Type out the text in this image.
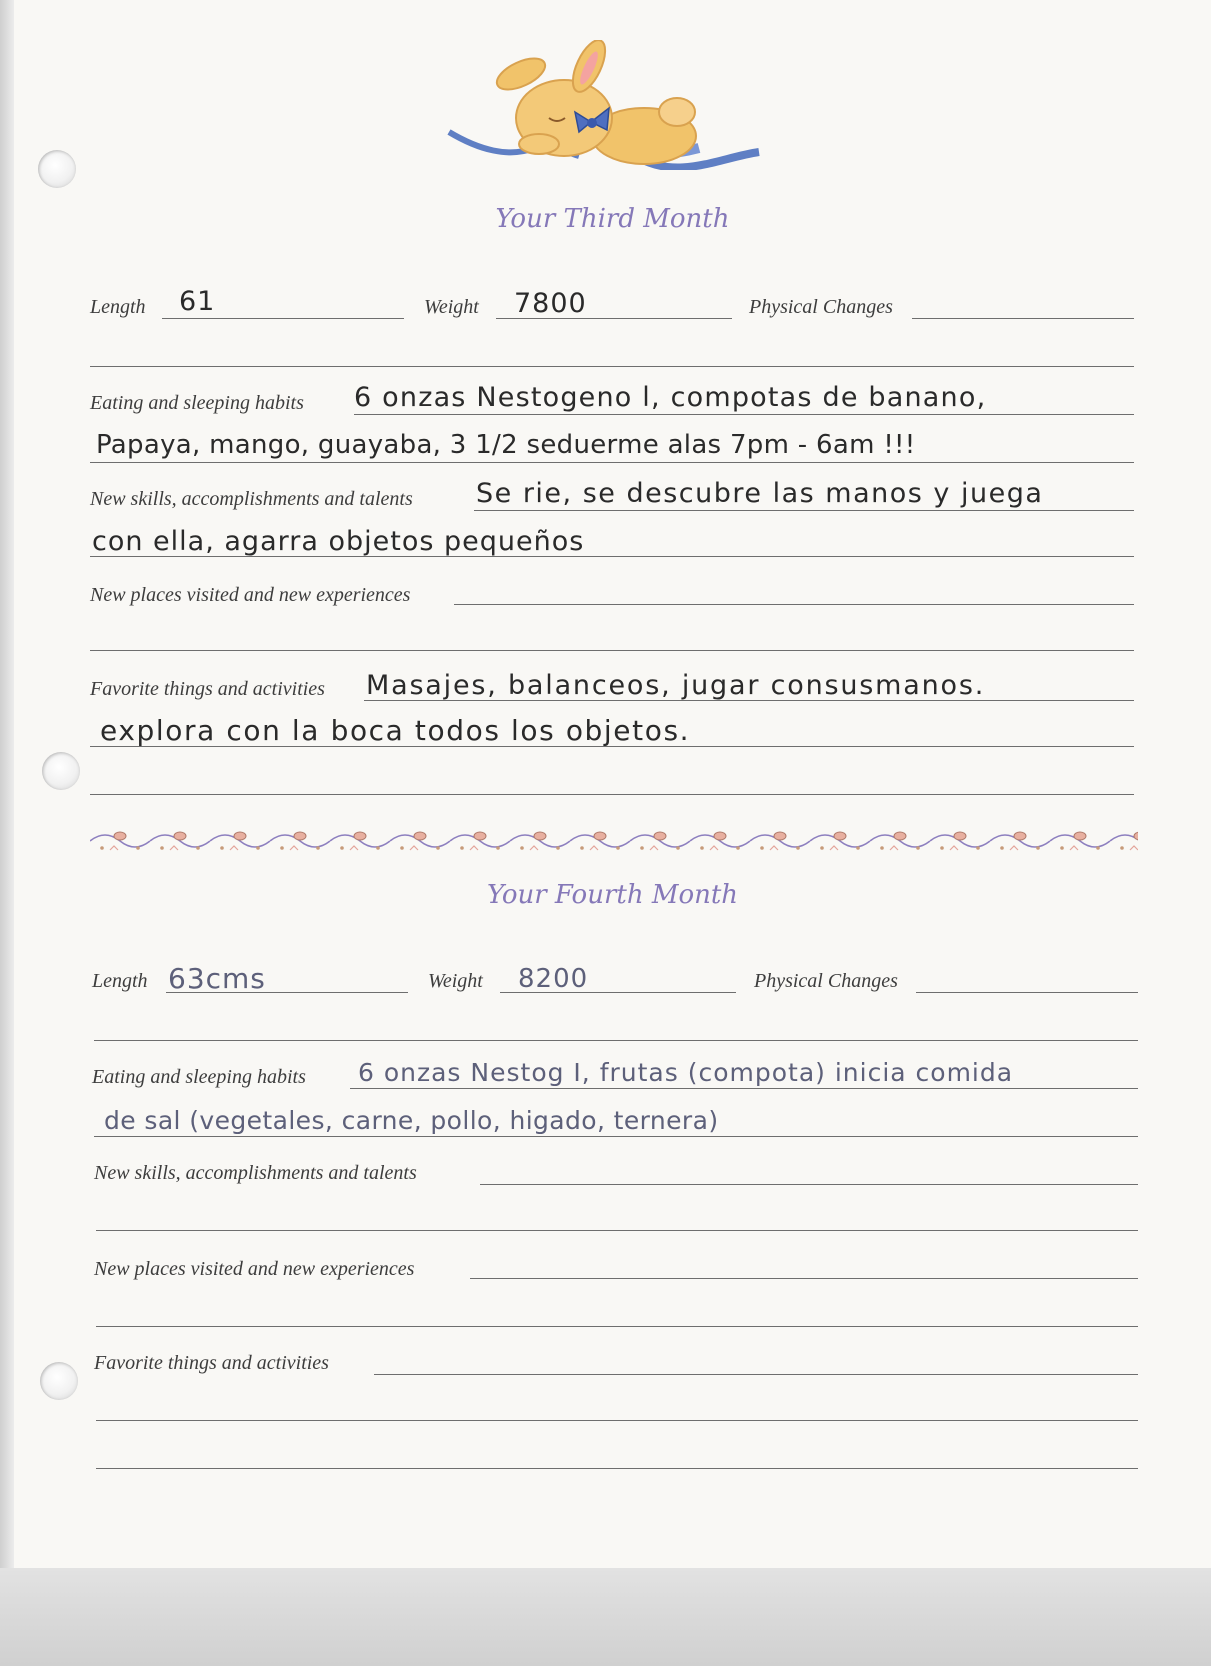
Your Third Month
Length 61	Weight 7800	Physical Changes
Eating and sleeping habits 6 onzas Nestogeno l, compotas de banano,
Papaya, mango, guayaba, 3 1/2 seduerme alas 7pm - 6am !!!
New skills, accomplishments and talents Se rie, se descubre las manos y juega
con ella, agarra objetos pequeños
New places visited and new experiences
Favorite things and activities Masajes, balanceos, jugar consusmanos.
explora con la boca todos los objetos.
Your Fourth Month
Length 63cms	Weight 8200	Physical Changes
Eating and sleeping habits 6 onzas Nestog I, frutas (compota) inicia comida
de sal (vegetales, carne, pollo, higado, ternera)
New skills, accomplishments and talents
New places visited and new experiences
Favorite things and activities
